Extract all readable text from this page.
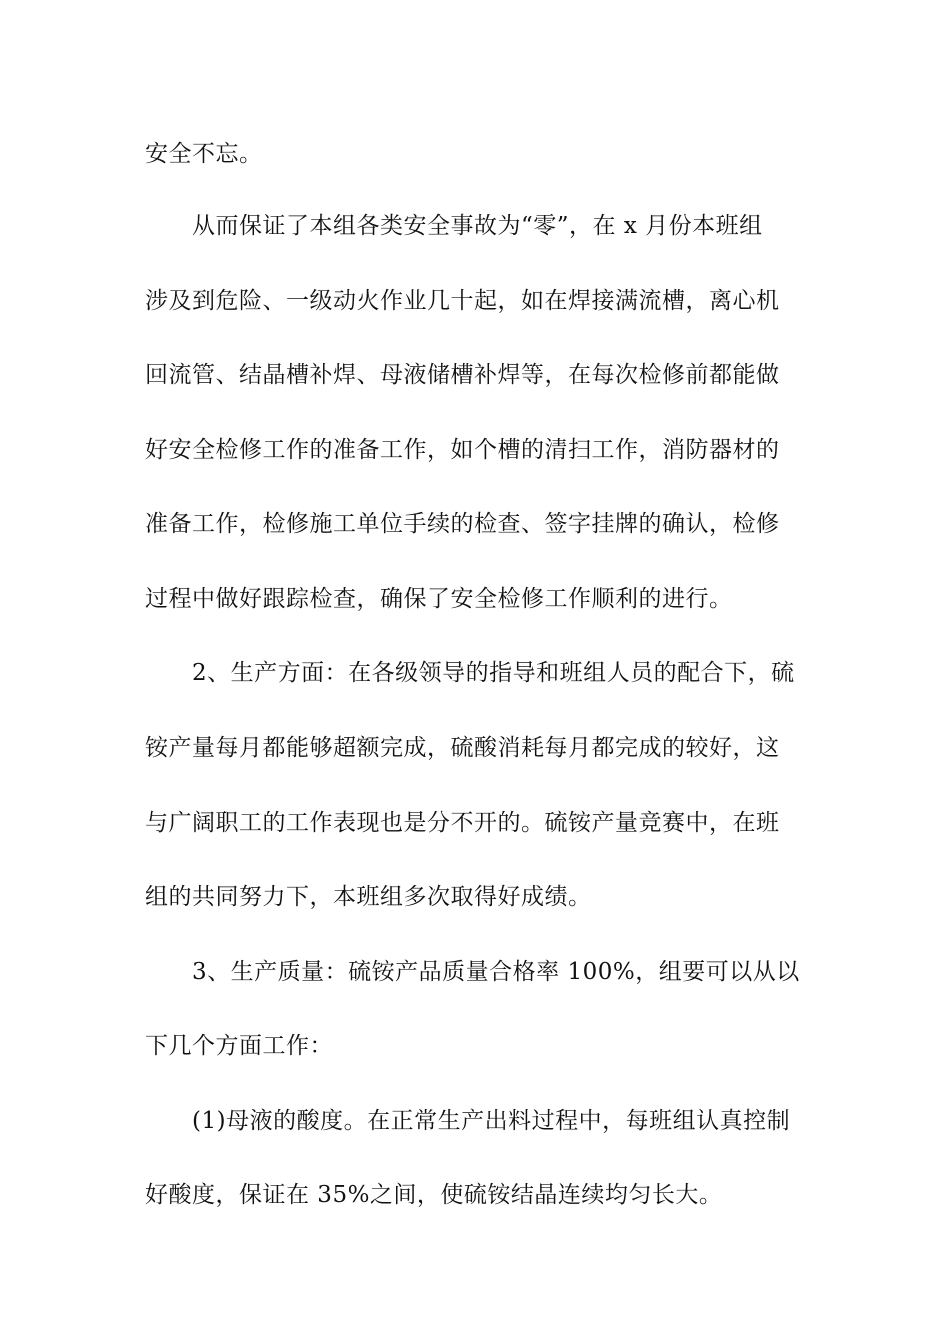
安全不忘。
从而保证了本组各类安全事故为“零”，在 x 月份本班组
涉及到危险、一级动火作业几十起，如在焊接满流槽，离心机
回流管、结晶槽补焊、母液储槽补焊等，在每次检修前都能做
好安全检修工作的准备工作，如个槽的清扫工作，消防器材的
准备工作，检修施工单位手续的检查、签字挂牌的确认，检修
过程中做好跟踪检查，确保了安全检修工作顺利的进行。
2、生产方面：在各级领导的指导和班组人员的配合下，硫
铵产量每月都能够超额完成，硫酸消耗每月都完成的较好，这
与广阔职工的工作表现也是分不开的。硫铵产量竞赛中，在班
组的共同努力下，本班组多次取得好成绩。
3、生产质量：硫铵产品质量合格率 100%，组要可以从以
下几个方面工作：
(1)母液的酸度。在正常生产出料过程中，每班组认真控制
好酸度，保证在 35%之间，使硫铵结晶连续均匀长大。
